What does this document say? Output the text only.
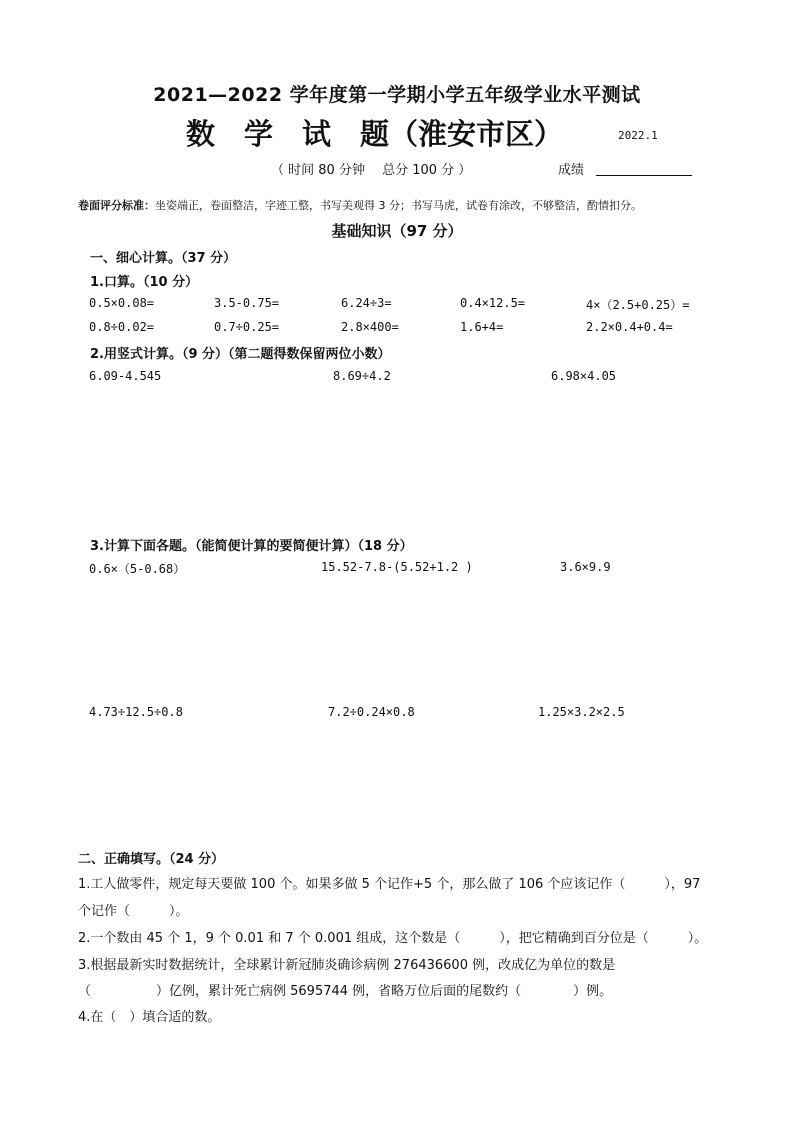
2021—2022 学年度第一学期小学五年级学业水平测试
数　学　试　题（淮安市区）	2022.1
（ 时间 80 分钟　 总分 100 分 ）	成绩
卷面评分标准：坐姿端正，卷面整洁，字迹工整，书写美观得 3 分；书写马虎，试卷有涂改，不够整洁，酌情扣分。
基础知识（97 分）
一、细心计算。（37 分）
1.口算。（10 分）
0.5×0.08=	3.5-0.75=	6.24÷3=	0.4×12.5=	4×（2.5+0.25）=
0.8÷0.02=	0.7÷0.25=	2.8×400=	1.6+4=	2.2×0.4+0.4=
2.用竖式计算。（9 分）（第二题得数保留两位小数）
6.09-4.545	8.69÷4.2	6.98×4.05
3.计算下面各题。（能简便计算的要简便计算）（18 分）
0.6×（5-0.68）	15.52-7.8-(5.52+1.2 )	3.6×9.9
4.73÷12.5÷0.8	7.2÷0.24×0.8	1.25×3.2×2.5
二、正确填写。（24 分）
1.工人做零件，规定每天要做 100 个。如果多做 5 个记作+5 个，那么做了 106 个应该记作（　　　），97
个记作（　　　）。
2.一个数由 45 个 1，9 个 0.01 和 7 个 0.001 组成，这个数是（　　　），把它精确到百分位是（　　　）。
3.根据最新实时数据统计，全球累计新冠肺炎确诊病例 276436600 例，改成亿为单位的数是
（　　　　　）亿例，累计死亡病例 5695744 例，省略万位后面的尾数约（　　　　）例。
4.在（　）填合适的数。
